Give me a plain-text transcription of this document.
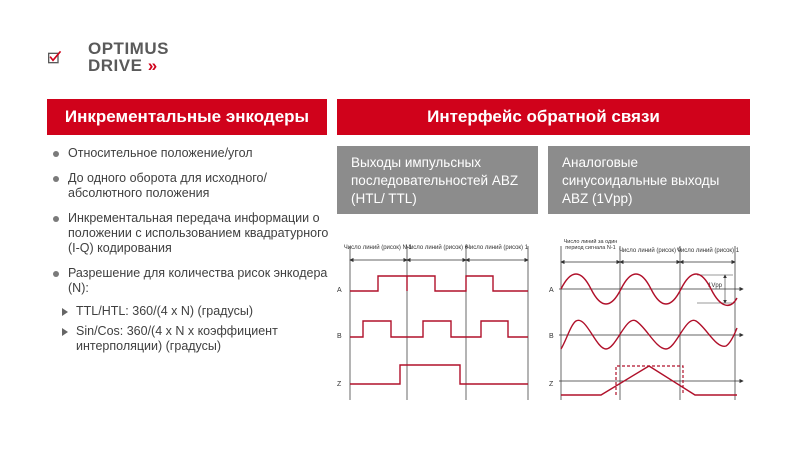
OPTIMUS
DRIVE »
Инкрементальные энкодеры	Интерфейс обратной связи
Относительное положение/угол
До одного оборота для исходного/ абсолютного положения
Инкрементальная передача информации о положении с использованием квадратурного (I-Q) кодирования
Разрешение для количества рисок энкодера (N):
TTL/HTL: 360/(4 x N) (градусы)
Sin/Cos: 360/(4 x N x коэффициент интерполяции) (градусы)
Выходы импульсных последовательностей ABZ (HTL/ TTL)
Аналоговые синусоидальные выходы ABZ (1Vpp)
Число линий (риcок) N-1
Число линий (риcок) 0
Число линий (риcок) 1
A
B
Z
Число линий за один период сигнала N-1 Число линий (риcок) 0
Число линий (риcок) 1
A
B
Z
1Vpp
